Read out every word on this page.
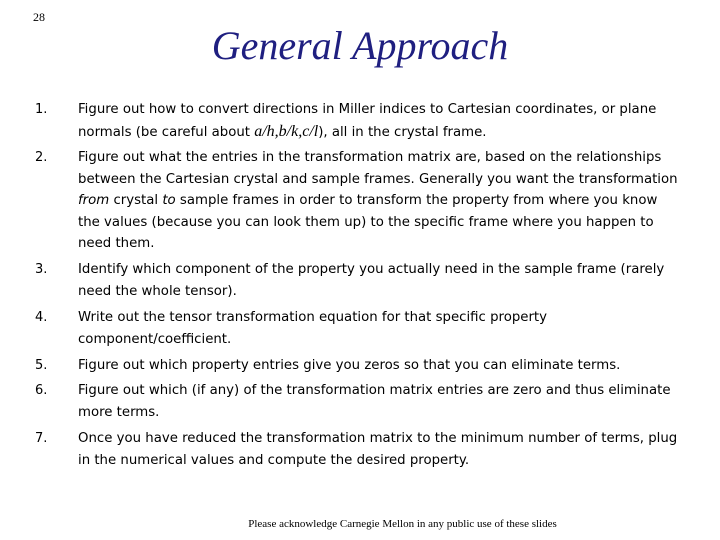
28
General Approach
1.	Figure out how to convert directions in Miller indices to Cartesian coordinates, or plane normals (be careful about a/h,b/k,c/l), all in the crystal frame.
2.	Figure out what the entries in the transformation matrix are, based on the relationships between the Cartesian crystal and sample frames. Generally you want the transformation from crystal to sample frames in order to transform the property from where you know the values (because you can look them up) to the specific frame where you happen to need them.
3.	Identify which component of the property you actually need in the sample frame (rarely need the whole tensor).
4.	Write out the tensor transformation equation for that specific property component/coefficient.
5.	Figure out which property entries give you zeros so that you can eliminate terms.
6.	Figure out which (if any) of the transformation matrix entries are zero and thus eliminate more terms.
7.	Once you have reduced the transformation matrix to the minimum number of terms, plug in the numerical values and compute the desired property.
Please acknowledge Carnegie Mellon in any public use of these slides
